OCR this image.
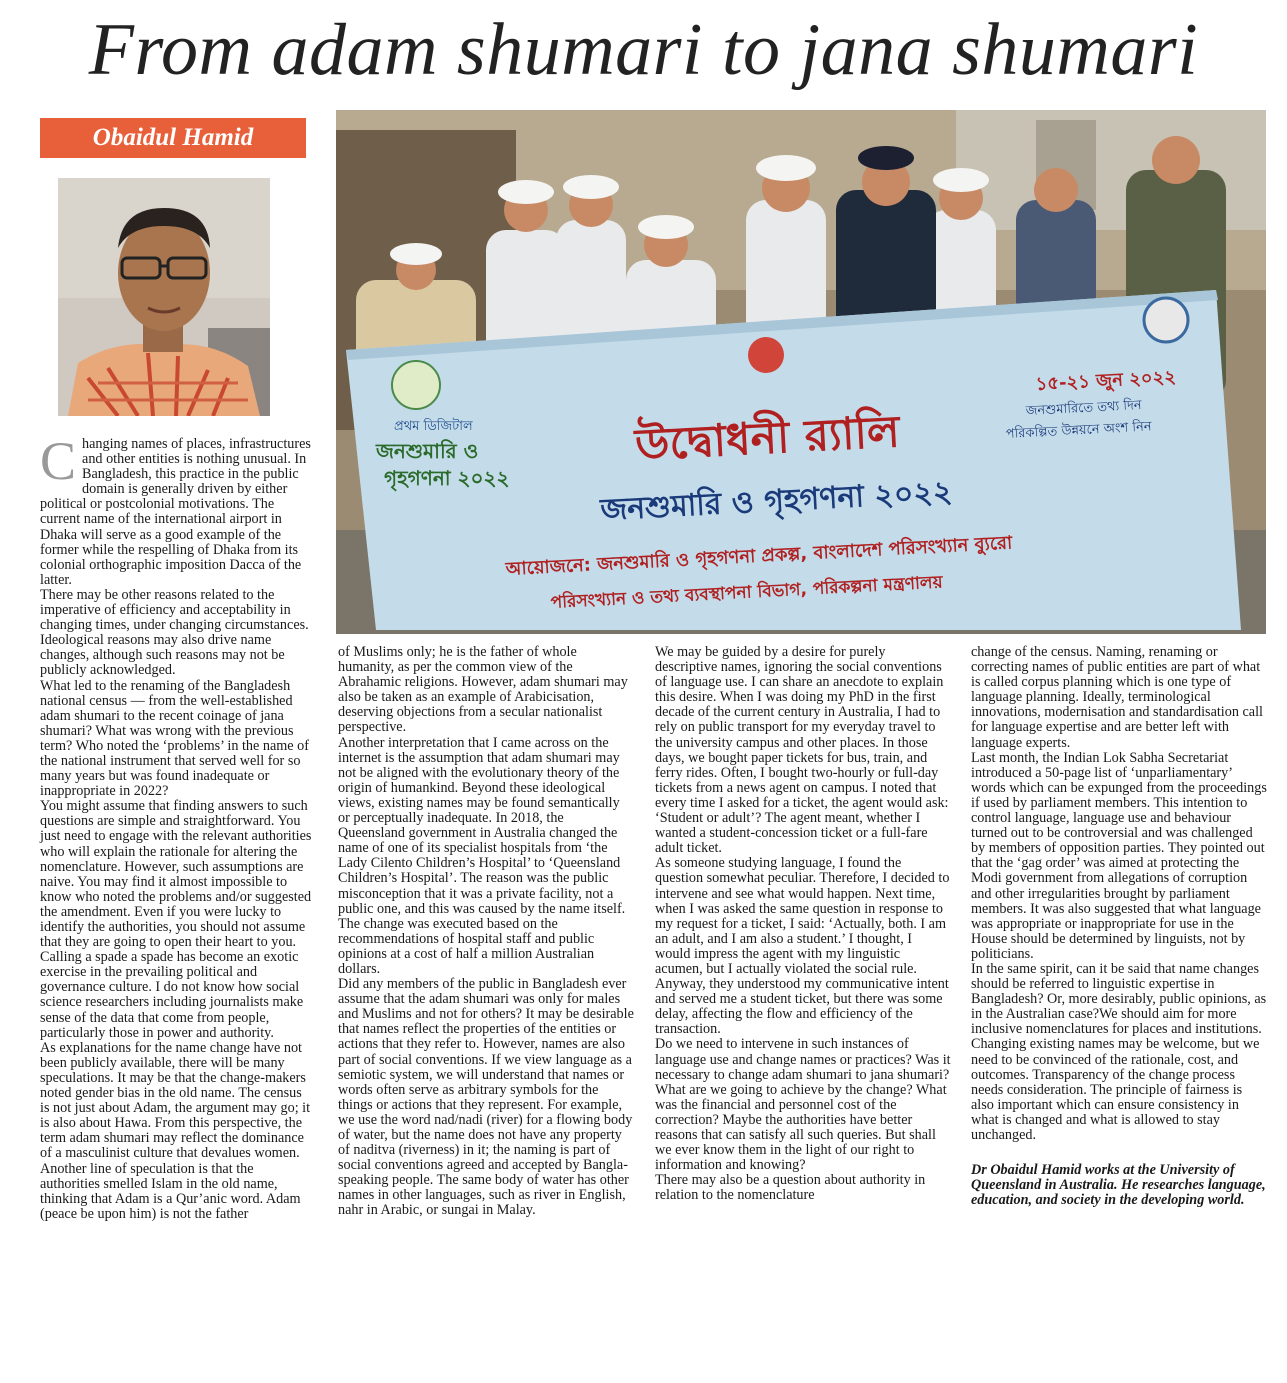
From adam shumari to jana shumari
Obaidul Hamid
প্রথম ডিজিটাল
জনশুমারি ও
গৃহগণনা ২০২২
উদ্বোধনী র‍্যালি
জনশুমারি ও গৃহগণনা ২০২২
১৫-২১ জুন ২০২২
জনশুমারিতে তথ্য দিন
পরিকল্পিত উন্নয়নে অংশ নিন
আয়োজনে: জনশুমারি ও গৃহগণনা প্রকল্প, বাংলাদেশ পরিসংখ্যান ব্যুরো
পরিসংখ্যান ও তথ্য ব্যবস্থাপনা বিভাগ, পরিকল্পনা মন্ত্রণালয়

Changing names of places, infrastructures and other entities is nothing unusual. In Bangladesh, this practice in the public domain is generally driven by either political or postcolonial motivations. The current name of the international airport in Dhaka will serve as a good example of the former while the respelling of Dhaka from its colonial orthographic imposition Dacca of the latter.

There may be other reasons related to the imperative of efficiency and acceptability in changing times, under changing circumstances. Ideological reasons may also drive name changes, although such reasons may not be publicly acknowledged.

What led to the renaming of the Bangladesh national census — from the well-established adam shumari to the recent coinage of jana shumari? What was wrong with the previous term? Who noted the ‘problems’ in the name of the national instrument that served well for so many years but was found inadequate or inappropriate in 2022?

You might assume that finding answers to such questions are simple and straightforward. You just need to engage with the relevant authorities who will explain the rationale for altering the nomenclature. However, such assumptions are naive. You may find it almost impossible to know who noted the problems and/or suggested the amendment. Even if you were lucky to identify the authorities, you should not assume that they are going to open their heart to you. Calling a spade a spade has become an exotic exercise in the prevailing political and governance culture. I do not know how social science researchers including journalists make sense of the data that come from people, particularly those in power and authority.

As explanations for the name change have not been publicly available, there will be many speculations. It may be that the change-makers noted gender bias in the old name. The census is not just about Adam, the argument may go; it is also about Hawa. From this perspective, the term adam shumari may reflect the dominance of a masculinist culture that devalues women.

Another line of speculation is that the authorities smelled Islam in the old name, thinking that Adam is a Qur’anic word. Adam (peace be upon him) is not the father

of Muslims only; he is the father of whole humanity, as per the common view of the Abrahamic religions. However, adam shumari may also be taken as an example of Arabicisation, deserving objections from a secular nationalist perspective.

Another interpretation that I came across on the internet is the assumption that adam shumari may not be aligned with the evolutionary theory of the origin of humankind. Beyond these ideological views, existing names may be found semantically or perceptually inadequate. In 2018, the Queensland government in Australia changed the name of one of its specialist hospitals from ‘the Lady Cilento Children’s Hospital’ to ‘Queensland Children’s Hospital’. The reason was the public misconception that it was a private facility, not a public one, and this was caused by the name itself. The change was executed based on the recommendations of hospital staff and public opinions at a cost of half a million Australian dollars.

Did any members of the public in Bangladesh ever assume that the adam shumari was only for males and Muslims and not for others? It may be desirable that names reflect the properties of the entities or actions that they refer to. However, names are also part of social conventions. If we view language as a semiotic system, we will understand that names or words often serve as arbitrary symbols for the things or actions that they represent. For example, we use the word nad/nadi (river) for a flowing body of water, but the name does not have any property of naditva (riverness) in it; the naming is part of social conventions agreed and accepted by Bangla-speaking people. The same body of water has other names in other languages, such as river in English, nahr in Arabic, or sungai in Malay.

We may be guided by a desire for purely descriptive names, ignoring the social conventions of language use. I can share an anecdote to explain this desire. When I was doing my PhD in the first decade of the current century in Australia, I had to rely on public transport for my everyday travel to the university campus and other places. In those days, we bought paper tickets for bus, train, and ferry rides. Often, I bought two-hourly or full-day tickets from a news agent on campus. I noted that every time I asked for a ticket, the agent would ask: ‘Student or adult’? The agent meant, whether I wanted a student-concession ticket or a full-fare adult ticket.

As someone studying language, I found the question somewhat peculiar. Therefore, I decided to intervene and see what would happen. Next time, when I was asked the same question in response to my request for a ticket, I said: ‘Actually, both. I am an adult, and I am also a student.’ I thought, I would impress the agent with my linguistic acumen, but I actually violated the social rule. Anyway, they understood my communicative intent and served me a student ticket, but there was some delay, affecting the flow and efficiency of the transaction.

Do we need to intervene in such instances of language use and change names or practices? Was it necessary to change adam shumari to jana shumari? What are we going to achieve by the change? What was the financial and personnel cost of the correction? Maybe the authorities have better reasons that can satisfy all such queries. But shall we ever know them in the light of our right to information and knowing?

There may also be a question about authority in relation to the nomenclature

change of the census. Naming, renaming or correcting names of public entities are part of what is called corpus planning which is one type of language planning. Ideally, terminological innovations, modernisation and standardisation call for language expertise and are better left with language experts.

Last month, the Indian Lok Sabha Secretariat introduced a 50-page list of ‘unparliamentary’ words which can be expunged from the proceedings if used by parliament members. This intention to control language, language use and behaviour turned out to be controversial and was challenged by members of opposition parties. They pointed out that the ‘gag order’ was aimed at protecting the Modi government from allegations of corruption and other irregularities brought by parliament members. It was also suggested that what language was appropriate or inappropriate for use in the House should be determined by linguists, not by politicians.

In the same spirit, can it be said that name changes should be referred to linguistic expertise in Bangladesh? Or, more desirably, public opinions, as in the Australian case?We should aim for more inclusive nomenclatures for places and institutions. Changing existing names may be welcome, but we need to be convinced of the rationale, cost, and outcomes. Transparency of the change process needs consideration. The principle of fairness is also important which can ensure consistency in what is changed and what is allowed to stay unchanged.

Dr Obaidul Hamid works at the University of Queensland in Australia. He researches language, education, and society in the developing world.
